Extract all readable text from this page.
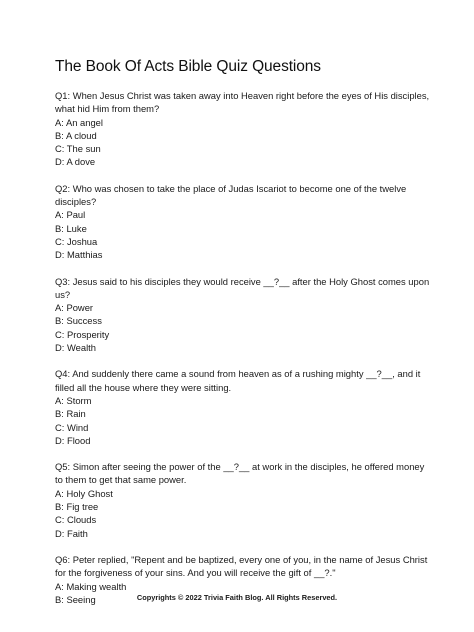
The Book Of Acts Bible Quiz Questions
Q1: When Jesus Christ was taken away into Heaven right before the eyes of His disciples, what hid Him from them?
A: An angel
B: A cloud
C: The sun
D: A dove
Q2: Who was chosen to take the place of Judas Iscariot to become one of the twelve disciples?
A: Paul
B: Luke
C: Joshua
D: Matthias
Q3: Jesus said to his disciples they would receive __?__ after the Holy Ghost comes upon us?
A: Power
B: Success
C: Prosperity
D: Wealth
Q4: And suddenly there came a sound from heaven as of a rushing mighty __?__, and it filled all the house where they were sitting.
A: Storm
B: Rain
C: Wind
D: Flood
Q5: Simon after seeing the power of the __?__ at work in the disciples, he offered money to them to get that same power.
A: Holy Ghost
B: Fig tree
C: Clouds
D: Faith
Q6: Peter replied, "Repent and be baptized, every one of you, in the name of Jesus Christ for the forgiveness of your sins. And you will receive the gift of __?."
A: Making wealth
B: Seeing	Copyrights © 2022 Trivia Faith Blog. All Rights Reserved.
